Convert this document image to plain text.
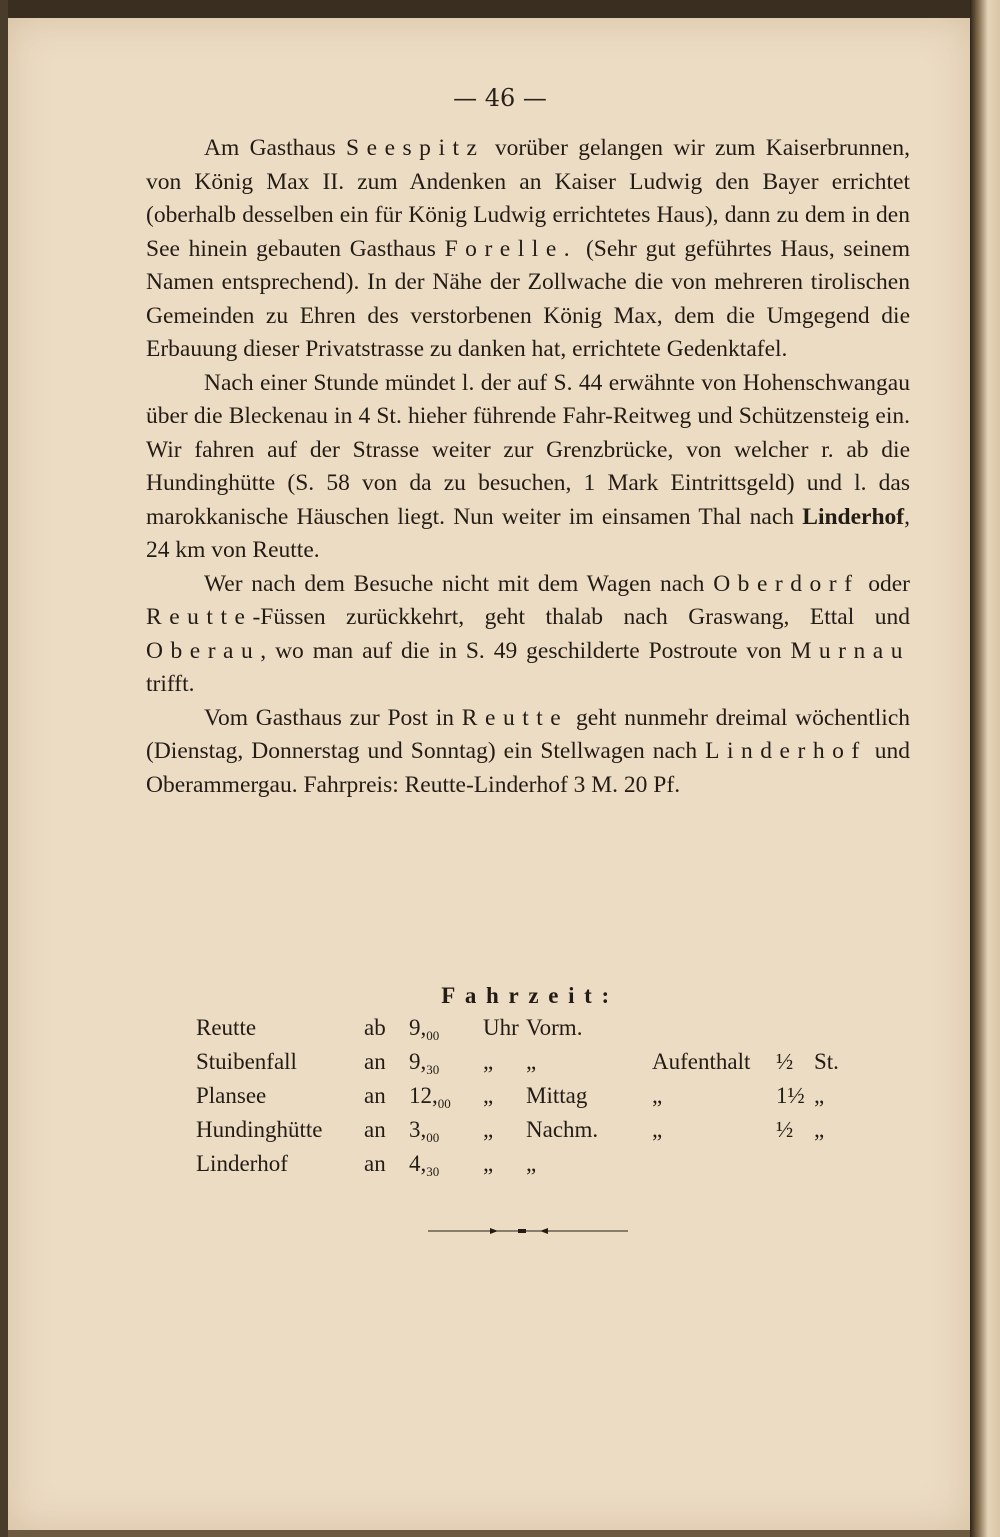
— 46 —

Am Gasthaus Seespitz vorüber gelangen wir zum Kaiserbrunnen, von König Max II. zum Andenken an Kaiser Ludwig den Bayer errichtet (oberhalb desselben ein für König Ludwig errichtetes Haus), dann zu dem in den See hinein gebauten Gasthaus Forelle. (Sehr gut geführtes Haus, seinem Namen entsprechend). In der Nähe der Zollwache die von mehreren tirolischen Gemeinden zu Ehren des verstorbenen König Max, dem die Umgegend die Erbauung dieser Privatstrasse zu danken hat, errichtete Gedenktafel.

Nach einer Stunde mündet l. der auf S. 44 erwähnte von Hohenschwangau über die Bleckenau in 4 St. hieher führende Fahr-Reitweg und Schützensteig ein. Wir fahren auf der Strasse weiter zur Grenzbrücke, von welcher r. ab die Hundinghütte (S. 58 von da zu besuchen, 1 Mark Eintrittsgeld) und l. das marokkanische Häuschen liegt. Nun weiter im einsamen Thal nach Linderhof, 24 km von Reutte.

Wer nach dem Besuche nicht mit dem Wagen nach Oberdorf oder Reutte-Füssen zurückkehrt, geht thalab nach Graswang, Ettal und Oberau, wo man auf die in S. 49 geschilderte Postroute von Murnau trifft.

Vom Gasthaus zur Post in Reutte geht nunmehr dreimal wöchentlich (Dienstag, Donnerstag und Sonntag) ein Stellwagen nach Linderhof und Oberammergau. Fahrpreis: Reutte-Linderhof 3 M. 20 Pf.

Fahrzeit:
Reutte	ab $9,_{00}$ Uhr Vorm.
Stuibenfall	an $9,_{30}$ „ „	Aufenthalt ½ St.
Plansee	an $12,_{00}$ „ Mittag	„	1½ „
Hundinghütte an $3,_{00}$ „ Nachm. „	½ „
Linderhof	an $4,_{30}$ „ „
